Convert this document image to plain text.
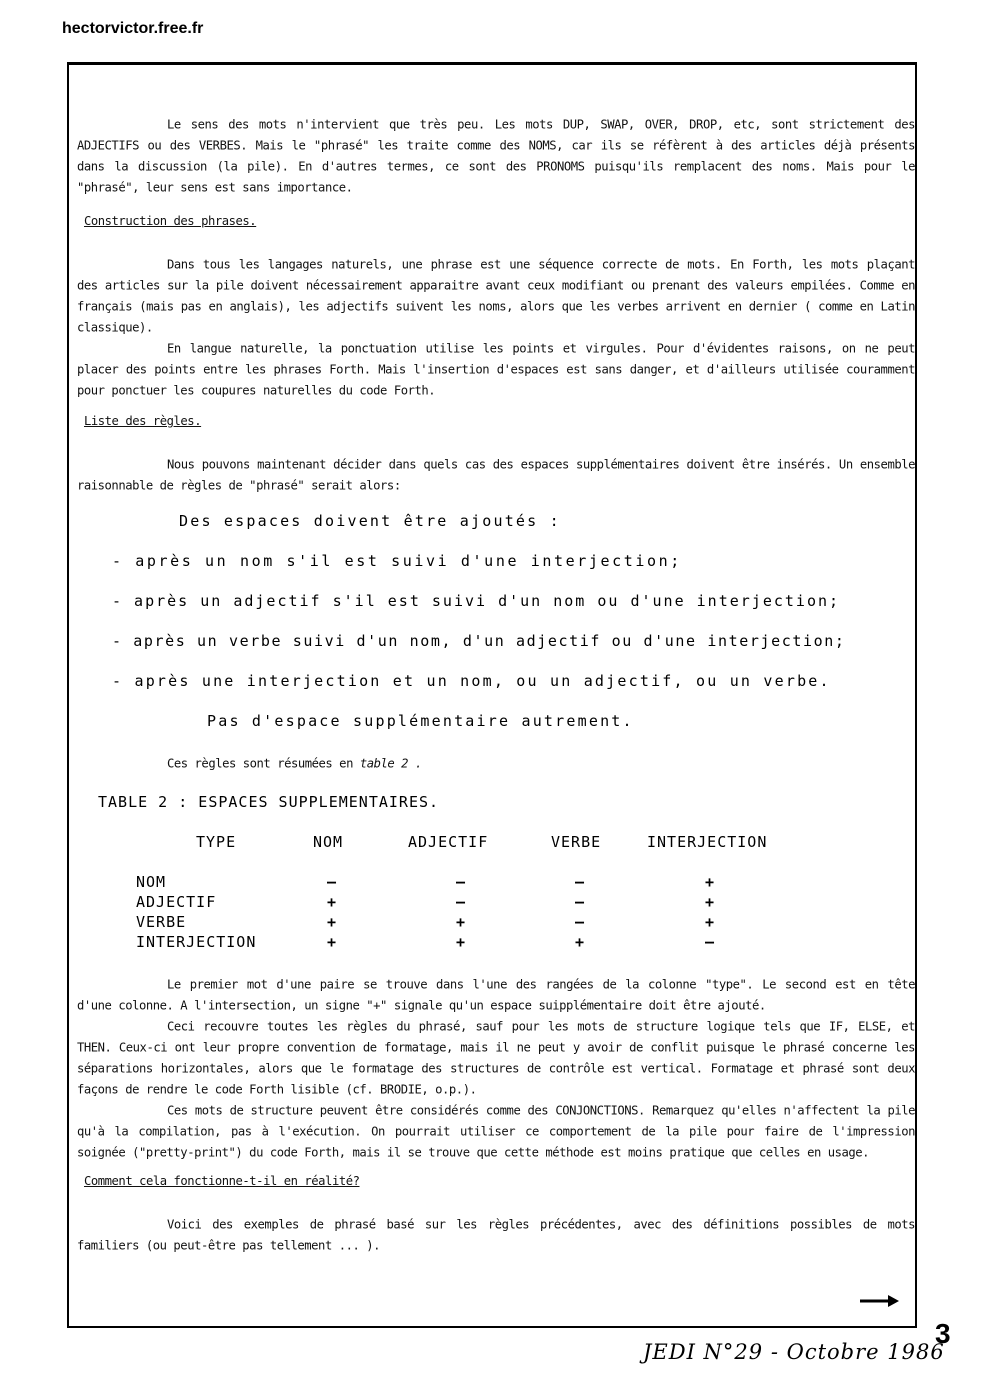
hectorvictor.free.fr

Le sens des mots n'intervient que très peu. Les mots DUP, SWAP, OVER, DROP, etc, sont strictement des ADJECTIFS ou des VERBES. Mais le "phrasé" les traite comme des NOMS, car ils se réfèrent à des articles déjà présents dans la discussion (la pile). En d'autres termes, ce sont des PRONOMS puisqu'ils remplacent des noms. Mais pour le "phrasé", leur sens est sans importance.

Construction des phrases.

Dans tous les langages naturels, une phrase est une séquence correcte de mots. En Forth, les mots plaçant des articles sur la pile doivent nécessairement apparaitre avant ceux modifiant ou prenant des valeurs empilées. Comme en français (mais pas en anglais), les adjectifs suivent les noms, alors que les verbes arrivent en dernier ( comme en Latin classique).

En langue naturelle, la ponctuation utilise les points et virgules. Pour d'évidentes raisons, on ne peut placer des points entre les phrases Forth. Mais l'insertion d'espaces est sans danger, et d'ailleurs utilisée couramment pour ponctuer les coupures naturelles du code Forth.

Liste des règles.

Nous pouvons maintenant décider dans quels cas des espaces supplémentaires doivent être insérés. Un ensemble raisonnable de règles de "phrasé" serait alors:

Des espaces doivent être ajoutés :
- après un nom s'il est suivi d'une interjection;
- après un adjectif s'il est suivi d'un nom ou d'une interjection;
- après un verbe suivi d'un nom, d'un adjectif ou d'une interjection;
- après une interjection et un nom, ou un adjectif, ou un verbe.
Pas d'espace supplémentaire autrement.
Ces règles sont résumées en table 2 .
TABLE 2 : ESPACES SUPPLEMENTAIRES.
TYPE	NOM	ADJECTIF	VERBE	INTERJECTION
NOM	–	–	–	+
ADJECTIF	+	–	–	+
VERBE	+	+	–	+
INTERJECTION	+	+	+	–

Le premier mot d'une paire se trouve dans l'une des rangées de la colonne "type". Le second est en tête d'une colonne. A l'intersection, un signe "+" signale qu'un espace suipplémentaire doit être ajouté.

Ceci recouvre toutes les règles du phrasé, sauf pour les mots de structure logique tels que IF, ELSE, et THEN. Ceux-ci ont leur propre convention de formatage, mais il ne peut y avoir de conflit puisque le phrasé concerne les séparations horizontales, alors que le formatage des structures de contrôle est vertical. Formatage et phrasé sont deux façons de rendre le code Forth lisible (cf. BRODIE, o.p.).

Ces mots de structure peuvent être considérés comme des CONJONCTIONS. Remarquez qu'elles n'affectent la pile qu'à la compilation, pas à l'exécution. On pourrait utiliser ce comportement de la pile pour faire de l'impression soignée ("pretty-print") du code Forth, mais il se trouve que cette méthode est moins pratique que celles en usage.

Comment cela fonctionne-t-il en réalité?

Voici des exemples de phrasé basé sur les règles précédentes, avec des définitions possibles de mots familiers (ou peut-être pas tellement ... ).

JEDI N°29 - Octobre 1986
3
